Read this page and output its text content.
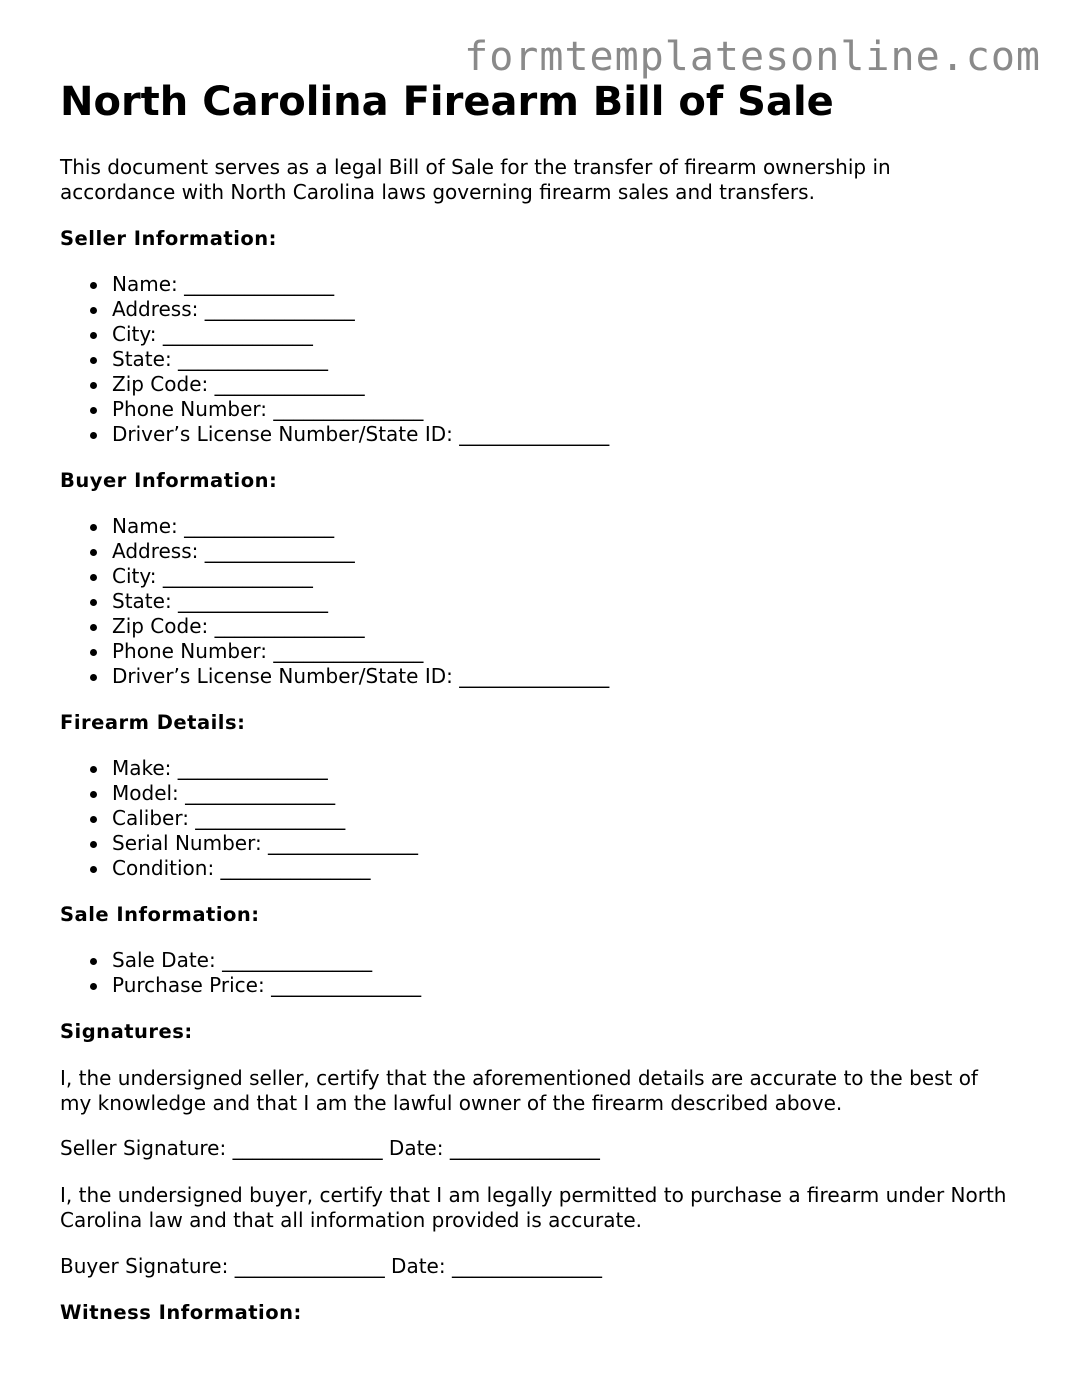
formtemplatesonline.com
North Carolina Firearm Bill of Sale

This document serves as a legal Bill of Sale for the transfer of firearm ownership in accordance with North Carolina laws governing firearm sales and transfers.

Seller Information:
Name: _______________
Address: _______________
City: _______________
State: _______________
Zip Code: _______________
Phone Number: _______________
Driver’s License Number/State ID: _______________
Buyer Information:
Name: _______________
Address: _______________
City: _______________
State: _______________
Zip Code: _______________
Phone Number: _______________
Driver’s License Number/State ID: _______________
Firearm Details:
Make: _______________
Model: _______________
Caliber: _______________
Serial Number: _______________
Condition: _______________
Sale Information:
Sale Date: _______________
Purchase Price: _______________
Signatures:

I, the undersigned seller, certify that the aforementioned details are accurate to the best of my knowledge and that I am the lawful owner of the firearm described above.

Seller Signature: _______________ Date: _______________

I, the undersigned buyer, certify that I am legally permitted to purchase a firearm under North Carolina law and that all information provided is accurate.

Buyer Signature: _______________ Date: _______________
Witness Information:
